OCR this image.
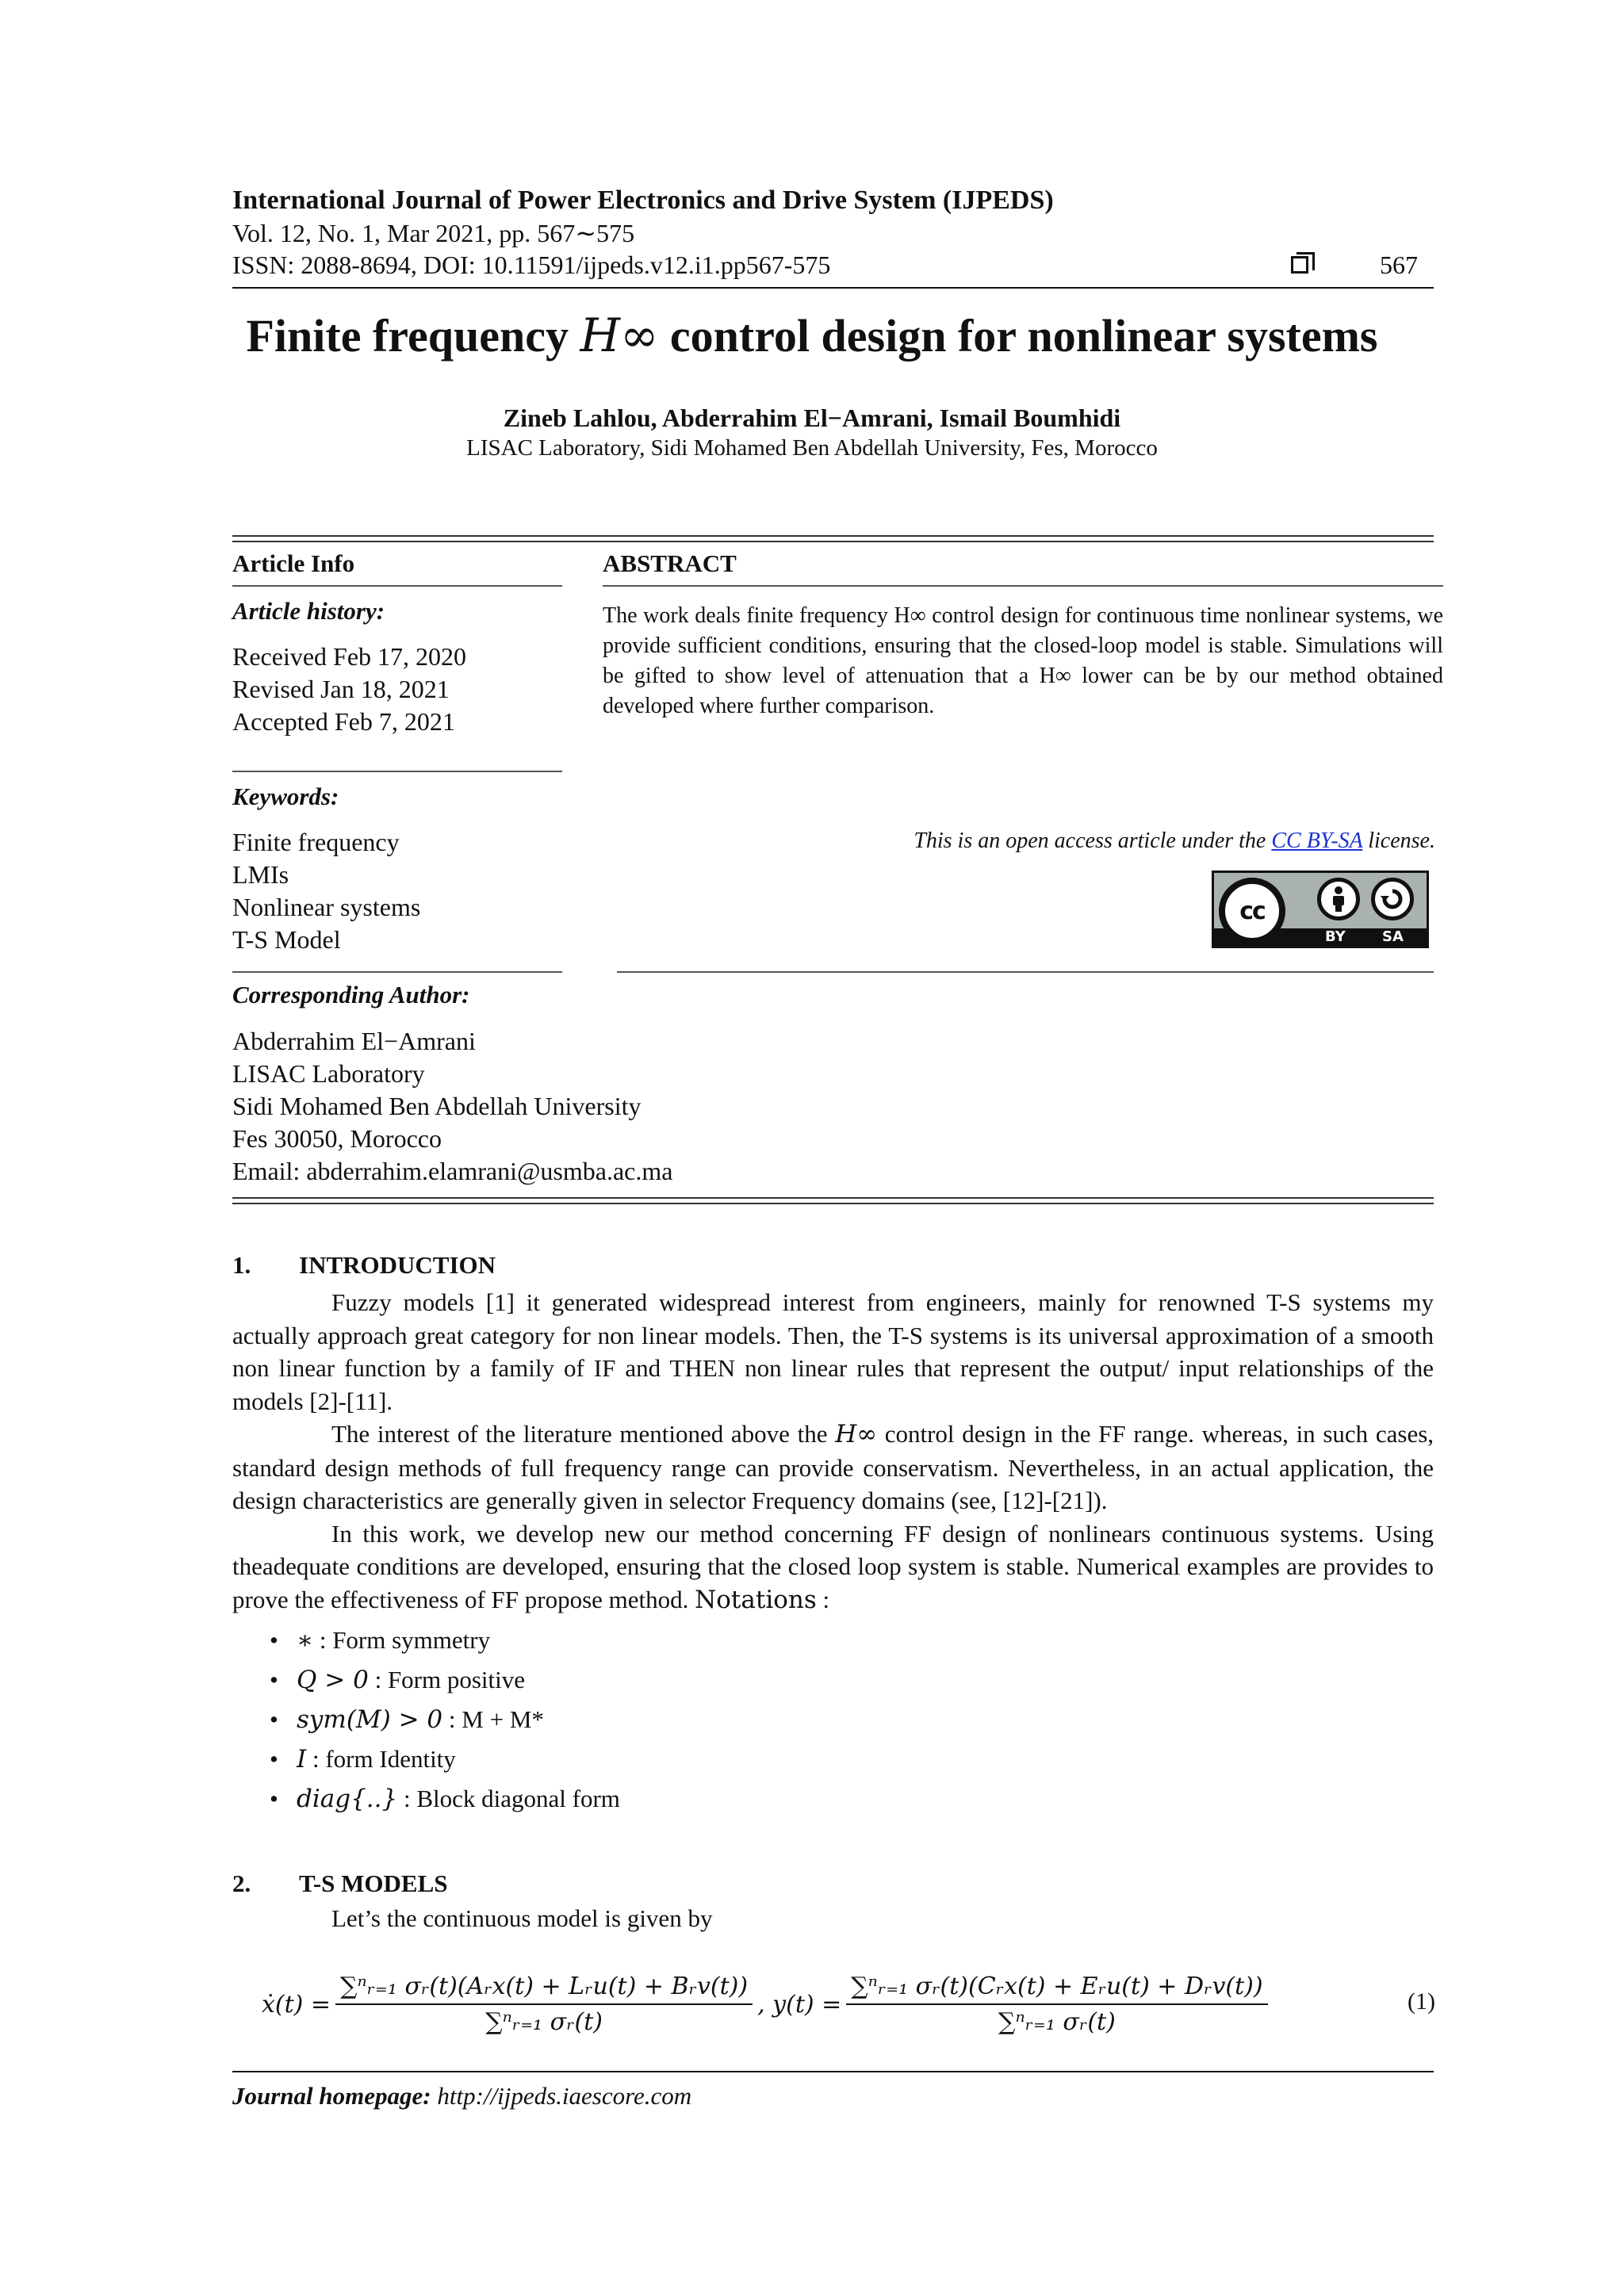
International Journal of Power Electronics and Drive System (IJPEDS)
Vol. 12, No. 1, Mar 2021, pp. 567∼575
ISSN: 2088-8694, DOI: 10.11591/ijpeds.v12.i1.pp567-575	567
Finite frequency H∞ control design for nonlinear systems
Zineb Lahlou, Abderrahim El−Amrani, Ismail Boumhidi
LISAC Laboratory, Sidi Mohamed Ben Abdellah University, Fes, Morocco
Article Info
Article history:
Received Feb 17, 2020
Revised Jan 18, 2021
Accepted Feb 7, 2021
ABSTRACT
The work deals finite frequency H∞ control design for continuous time nonlinear systems, we provide sufficient conditions, ensuring that the closed-loop model is stable. Simulations will be gifted to show level of attenuation that a H∞ lower can be by our method obtained developed where further comparison.
Keywords:
Finite frequency
LMIs
Nonlinear systems
T-S Model
This is an open access article under the CC BY-SA license.
cc
BY	SA
Corresponding Author:
Abderrahim El−Amrani
LISAC Laboratory
Sidi Mohamed Ben Abdellah University
Fes 30050, Morocco
Email: abderrahim.elamrani@usmba.ac.ma
1. INTRODUCTION

Fuzzy models [1] it generated widespread interest from engineers, mainly for renowned T-S systems my actually approach great category for non linear models. Then, the T-S systems is its universal approximation of a smooth non linear function by a family of IF and THEN non linear rules that represent the output/ input relationships of the models [2]-[11].

The interest of the literature mentioned above the H∞ control design in the FF range. whereas, in such cases, standard design methods of full frequency range can provide conservatism. Nevertheless, in an actual application, the design characteristics are generally given in selector Frequency domains (see, [12]-[21]).

In this work, we develop new our method concerning FF design of nonlinears continuous systems. Using theadequate conditions are developed, ensuring that the closed loop system is stable. Numerical examples are provides to prove the effectiveness of FF propose method. Notations :

• ∗ : Form symmetry
• Q > 0 : Form positive
• sym(M) > 0 : M + M*
• I : form Identity
• diag{..} : Block diagonal form
2. T-S MODELS
Let’s the continuous model is given by
ẋ(t) = $\frac{\text{∑ⁿᵣ₌₁ σᵣ(t)(Aᵣx(t) + Lᵣu(t) + Bᵣv(t))}}{\text{∑ⁿᵣ₌₁ σᵣ(t)}}$ , $y(t) = \frac{\text{∑ⁿᵣ₌₁ σᵣ(t)(Cᵣx(t) + Eᵣu(t) + Dᵣv(t))}}{\text{∑ⁿᵣ₌₁ σᵣ(t)}}$	(1)
Journal homepage: http://ijpeds.iaescore.com
